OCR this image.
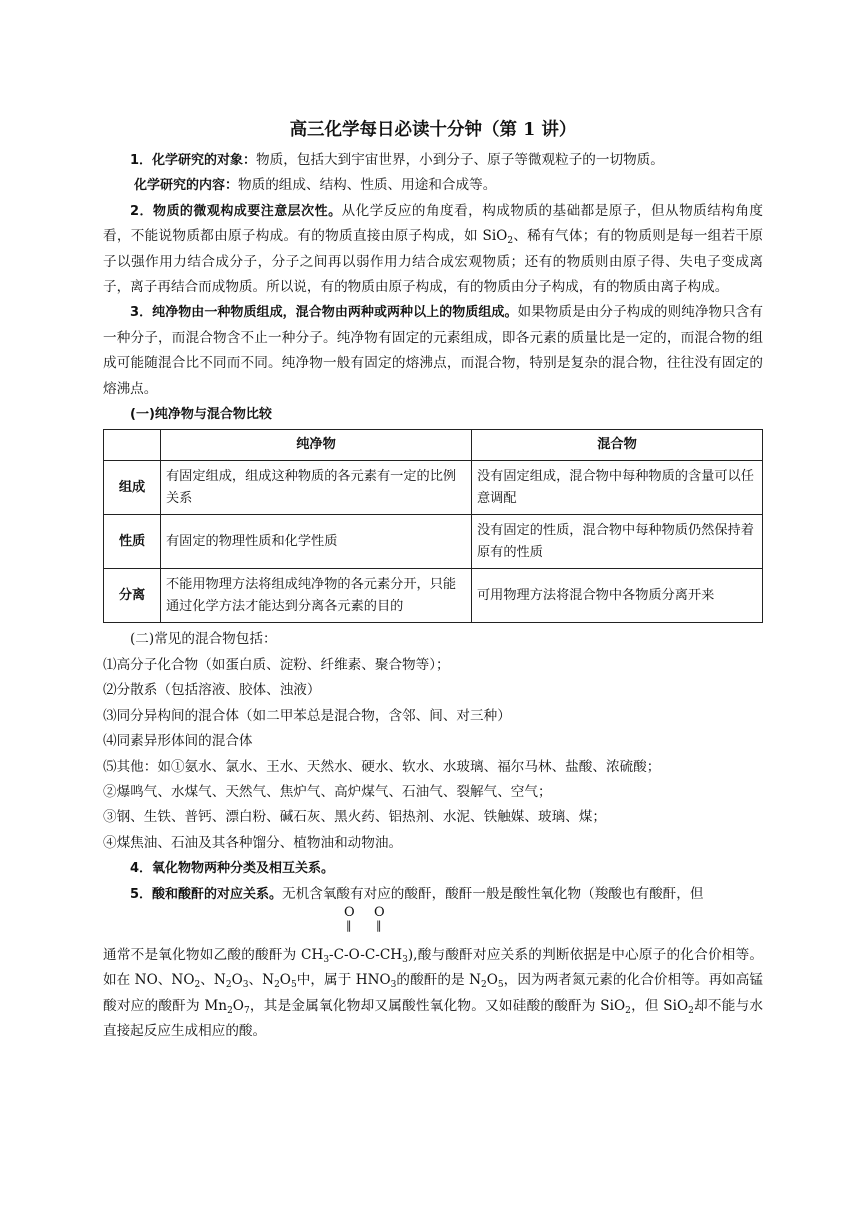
高三化学每日必读十分钟（第 1 讲）

1．化学研究的对象：物质，包括大到宇宙世界，小到分子、原子等微观粒子的一切物质。

化学研究的内容：物质的组成、结构、性质、用途和合成等。

2．物质的微观构成要注意层次性。从化学反应的角度看，构成物质的基础都是原子，但从物质结构角度看，不能说物质都由原子构成。有的物质直接由原子构成，如 SiO$_2$、稀有气体；有的物质则是每一组若干原子以强作用力结合成分子，分子之间再以弱作用力结合成宏观物质；还有的物质则由原子得、失电子变成离子，离子再结合而成物质。所以说，有的物质由原子构成，有的物质由分子构成，有的物质由离子构成。

3．纯净物由一种物质组成，混合物由两种或两种以上的物质组成。如果物质是由分子构成的则纯净物只含有一种分子，而混合物含不止一种分子。纯净物有固定的元素组成，即各元素的质量比是一定的，而混合物的组成可能随混合比不同而不同。纯净物一般有固定的熔沸点，而混合物，特别是复杂的混合物，往往没有固定的熔沸点。

(一)纯净物与混合物比较

	纯净物	混合物
组成	有固定组成，组成这种物质的各元素有一定的比例关系	没有固定组成，混合物中每种物质的含量可以任意调配
性质	有固定的物理性质和化学性质	没有固定的性质，混合物中每种物质仍然保持着原有的性质
分离	不能用物理方法将组成纯净物的各元素分开，只能通过化学方法才能达到分离各元素的目的	可用物理方法将混合物中各物质分离开来

(二)常见的混合物包括：

⑴高分子化合物（如蛋白质、淀粉、纤维素、聚合物等）；

⑵分散系（包括溶液、胶体、浊液）

⑶同分异构间的混合体（如二甲苯总是混合物，含邻、间、对三种）

⑷同素异形体间的混合体

⑸其他：如①氨水、氯水、王水、天然水、硬水、软水、水玻璃、福尔马林、盐酸、浓硫酸；

②爆鸣气、水煤气、天然气、焦炉气、高炉煤气、石油气、裂解气、空气；

③钢、生铁、普钙、漂白粉、碱石灰、黑火药、铝热剂、水泥、铁触媒、玻璃、煤；

④煤焦油、石油及其各种馏分、植物油和动物油。

4．氧化物物两种分类及相互关系。

5．酸和酸酐的对应关系。无机含氧酸有对应的酸酐，酸酐一般是酸性氧化物（羧酸也有酸酐，但

O O
‖ ‖

通常不是氧化物如乙酸的酸酐为 $CH_3-C-O-C-CH_3$),酸与酸酐对应关系的判断依据是中心原子的化合价相等。如在 NO、$NO_2$、$N_2O_3$、$N_2O_5$中，属于 $HNO_3$的酸酐的是 $N_2O_5$，因为两者氮元素的化合价相等。再如高锰酸对应的酸酐为 $Mn_2O_7$，其是金属氧化物却又属酸性氧化物。又如硅酸的酸酐为 SiO$_2$，但 SiO$_2$却不能与水直接起反应生成相应的酸。
